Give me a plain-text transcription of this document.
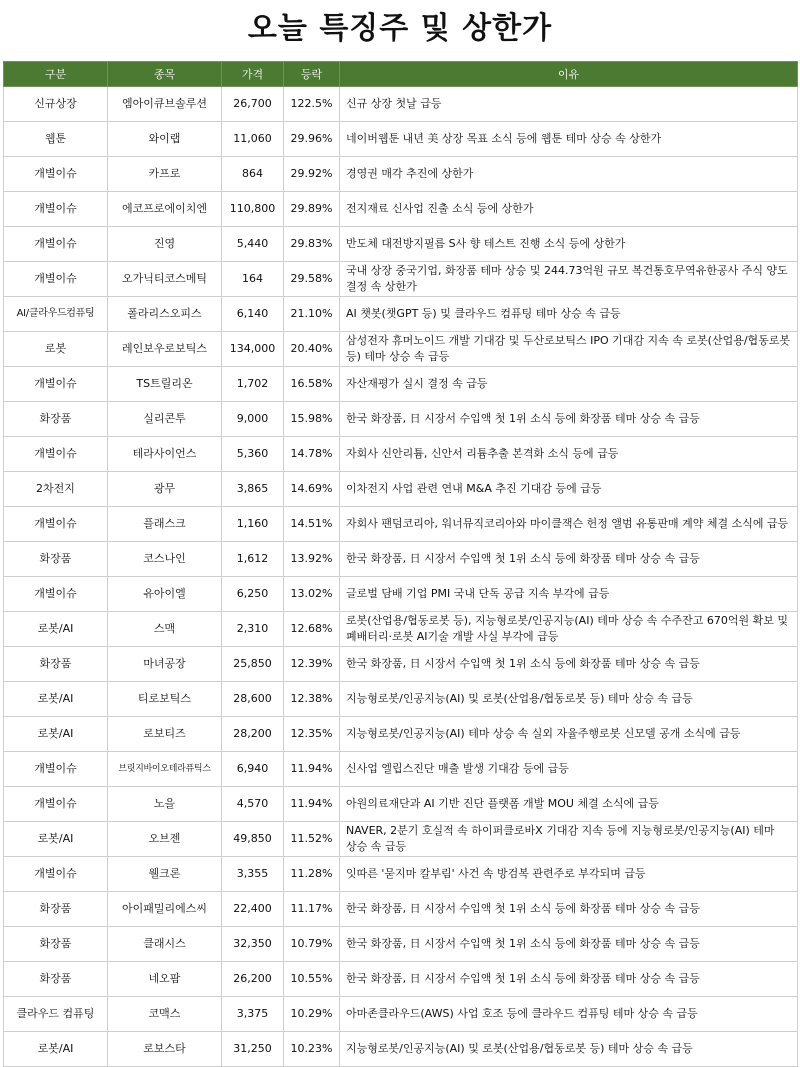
오늘 특징주 및 상한가
구분	종목	가격	등락	이유
신규상장	엠아이큐브솔루션	26,700	122.5%	신규 상장 첫날 급등
웹툰	와이랩	11,060	29.96%	네이버웹툰 내년 美 상장 목표 소식 등에 웹툰 테마 상승 속 상한가
개별이슈	카프로	864	29.92%	경영권 매각 추진에 상한가
개별이슈	에코프로에이치엔	110,800	29.89%	전지재료 신사업 진출 소식 등에 상한가
개별이슈	진영	5,440	29.83%	반도체 대전방지필름 S사 향 테스트 진행 소식 등에 상한가
개별이슈	오가닉티코스메틱	164	29.58%	국내 상장 중국기업, 화장품 테마 상승 및 244.73억원 규모 복건통호무역유한공사 주식 양도 결정 속 상한가
AI/클라우드컴퓨팅	폴라리스오피스	6,140	21.10%	AI 챗봇(챗GPT 등) 및 클라우드 컴퓨팅 테마 상승 속 급등
로봇	레인보우로보틱스	134,000	20.40%	삼성전자 휴머노이드 개발 기대감 및 두산로보틱스 IPO 기대감 지속 속 로봇(산업용/협동로봇 등) 테마 상승 속 급등
개별이슈	TS트릴리온	1,702	16.58%	자산재평가 실시 결정 속 급등
화장품	실리콘투	9,000	15.98%	한국 화장품, 日 시장서 수입액 첫 1위 소식 등에 화장품 테마 상승 속 급등
개별이슈	테라사이언스	5,360	14.78%	자회사 신안리튬, 신안서 리튬추출 본격화 소식 등에 급등
2차전지	광무	3,865	14.69%	이차전지 사업 관련 연내 M&A 추진 기대감 등에 급등
개별이슈	플래스크	1,160	14.51%	자회사 팬덤코리아, 워너뮤직코리아와 마이클잭슨 헌정 앨범 유통판매 계약 체결 소식에 급등
화장품	코스나인	1,612	13.92%	한국 화장품, 日 시장서 수입액 첫 1위 소식 등에 화장품 테마 상승 속 급등
개별이슈	유아이엘	6,250	13.02%	글로벌 담배 기업 PMI 국내 단독 공급 지속 부각에 급등
로봇/AI	스맥	2,310	12.68%	로봇(산업용/협동로봇 등), 지능형로봇/인공지능(AI) 테마 상승 속 수주잔고 670억원 확보 및 폐배터리·로봇 AI기술 개발 사실 부각에 급등
화장품	마녀공장	25,850	12.39%	한국 화장품, 日 시장서 수입액 첫 1위 소식 등에 화장품 테마 상승 속 급등
로봇/AI	티로보틱스	28,600	12.38%	지능형로봇/인공지능(AI) 및 로봇(산업용/협동로봇 등) 테마 상승 속 급등
로봇/AI	로보티즈	28,200	12.35%	지능형로봇/인공지능(AI) 테마 상승 속 실외 자율주행로봇 신모델 공개 소식에 급등
개별이슈	브릿지바이오테라퓨틱스	6,940	11.94%	신사업 엘립스진단 매출 발생 기대감 등에 급등
개별이슈	노을	4,570	11.94%	아원의료재단과 AI 기반 진단 플랫폼 개발 MOU 체결 소식에 급등
로봇/AI	오브젠	49,850	11.52%	NAVER, 2분기 호실적 속 하이퍼클로바X 기대감 지속 등에 지능형로봇/인공지능(AI) 테마 상승 속 급등
개별이슈	웰크론	3,355	11.28%	잇따른 '묻지마 칼부림' 사건 속 방검복 관련주로 부각되며 급등
화장품	아이패밀리에스씨	22,400	11.17%	한국 화장품, 日 시장서 수입액 첫 1위 소식 등에 화장품 테마 상승 속 급등
화장품	클래시스	32,350	10.79%	한국 화장품, 日 시장서 수입액 첫 1위 소식 등에 화장품 테마 상승 속 급등
화장품	네오팜	26,200	10.55%	한국 화장품, 日 시장서 수입액 첫 1위 소식 등에 화장품 테마 상승 속 급등
클라우드 컴퓨팅	코맥스	3,375	10.29%	아마존클라우드(AWS) 사업 호조 등에 클라우드 컴퓨팅 테마 상승 속 급등
로봇/AI	로보스타	31,250	10.23%	지능형로봇/인공지능(AI) 및 로봇(산업용/협동로봇 등) 테마 상승 속 급등
